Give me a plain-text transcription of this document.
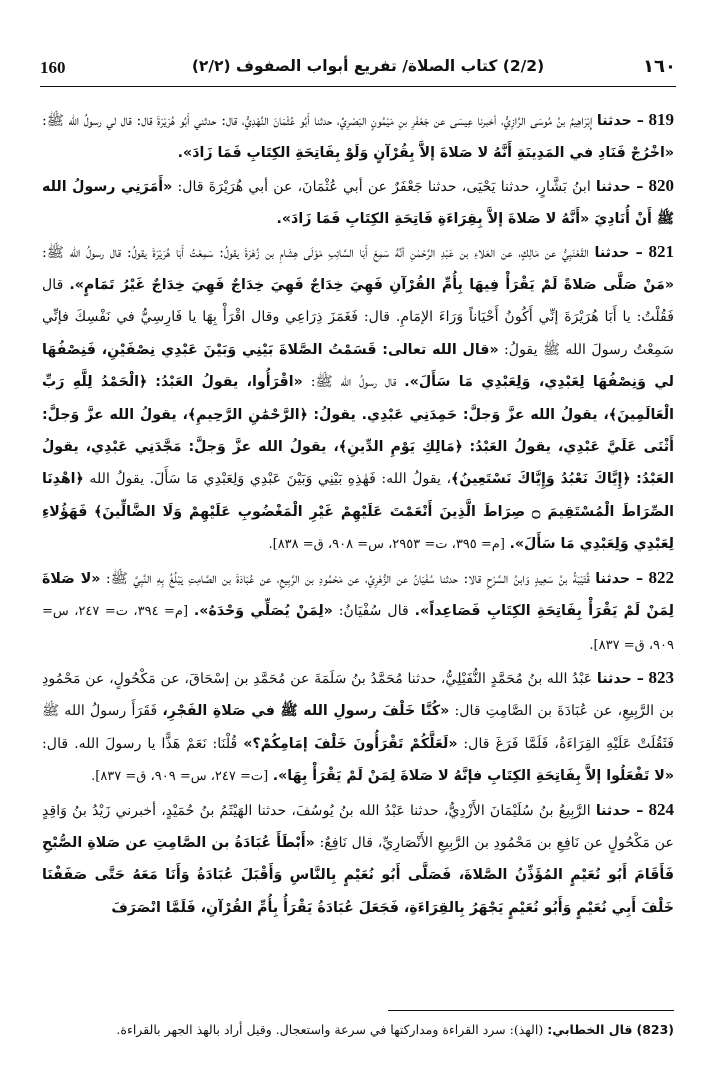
160	(2/2) كتاب الصلاة/ تفريع أبواب الصفوف (٢/٢)	١٦٠

819 – حدثنا إِبْرَاهِيمُ بنُ مُوسَى الرَّازِيُّ، أخبرنا عِيسَى عن جَعْفَرِ بنِ مَيْمُونٍ البَصْرِيِّ، حدثنا أَبُو عُثْمَانَ النَّهْدِيُّ، قال: حدثني أَبُو هُرَيْرَةَ قال: قال لي رسولُ الله ﷺ: «اخْرُجْ فَنَادِ في المَدِينَةِ أَنَّهُ لا صَلاةَ إلاَّ بِقُرْآنٍ وَلَوْ بِفَاتِحَةِ الكِتَابِ فَمَا زَادَ».

820 – حدثنا ابنُ بَشَّارٍ، حدثنا يَحْيَى، حدثنا جَعْفَرٌ عن أبي عُثْمَانَ، عن أبي هُرَيْرَةَ قال: «أَمَرَنِي رسولُ الله ﷺ أَنْ أُنَادِيَ «أَنَّهُ لا صَلاةَ إلاَّ بِقِرَاءَةِ فَاتِحَةِ الكِتَابِ فَمَا زَادَ».

821 – حدثنا القَعْنَبِيُّ عن مَالِكٍ، عن العَلاءِ بن عَبْدِ الرَّحْمٰنِ أنَّهُ سَمِعَ أَبَا السَّائِبِ مَوْلَى هِشَامِ بن زُهْرَةَ يقولُ: سَمِعْتُ أَبَا هُرَيْرَةَ يقولُ: قال رسولُ الله ﷺ: «مَنْ صَلَّى صَلاةً لَمْ يَقْرَأْ فِيهَا بِأُمِّ القُرْآنِ فَهِيَ خِدَاجٌ فَهِيَ خِدَاجٌ فَهِيَ خِدَاجٌ غَيْرُ تَمَامٍ». قال فَقُلْتُ: يا أَبَا هُرَيْرَةَ إنِّي أَكُونُ أَحْيَاناً وَرَاءَ الإمَامِ. قال: فَغَمَزَ ذِرَاعِي وقال اقْرَأْ بِهَا يا فَارِسِيُّ في نَفْسِكَ فإنِّي سَمِعْتُ رسولَ الله ﷺ يقولُ: «قال الله تعالى: قَسَمْتُ الصَّلاةَ بَيْنِي وَبَيْنَ عَبْدِي نِصْفَيْنِ، فَنِصْفُهَا لي وَنِصْفُهَا لِعَبْدِي، وَلِعَبْدِي مَا سَأَلَ». قال رسولُ الله ﷺ: «اقْرَأُوا، يقولُ العَبْدُ: ﴿الْحَمْدُ لِلَّهِ رَبِّ الْعَالَمِينَ﴾، يقولُ الله عزَّ وَجلَّ: حَمِدَنِي عَبْدِي. يقولُ: ﴿الرَّحْمَٰنِ الرَّحِيمِ﴾، يقولُ الله عزَّ وَجلَّ: أَثْنَى عَلَيَّ عَبْدِي، يقولُ العَبْدُ: ﴿مَالِكِ يَوْمِ الدِّينِ﴾، يقولُ الله عزَّ وَجلَّ: مَجَّدَنِي عَبْدِي، يقولُ العَبْدُ: ﴿إِيَّاكَ نَعْبُدُ وَإِيَّاكَ نَسْتَعِينُ﴾، يقولُ الله: فَهٰذِهِ بَيْنِي وَبَيْنَ عَبْدِي وَلِعَبْدِي مَا سَأَلَ. يقولُ الله ﴿اهْدِنَا الصِّرَاطَ الْمُسْتَقِيمَ ۝ صِرَاطَ الَّذِينَ أَنْعَمْتَ عَلَيْهِمْ غَيْرِ الْمَغْضُوبِ عَلَيْهِمْ وَلَا الضَّالِّينَ﴾ فَهَؤُلاءِ لِعَبْدِي وَلِعَبْدِي مَا سَأَلَ». [م= ٣٩٥، ت= ٢٩٥٣، س= ٩٠٨، ق= ٨٣٨].

822 – حدثنا قُتَيْبَةُ بنُ سَعِيدٍ وَابنُ السَّرْحِ قالا: حدثنا سُفْيَانُ عن الزُّهْرِيِّ، عن مَحْمُودِ بن الرَّبِيعِ، عن عُبَادَةَ بن الصَّامِتِ يَبْلُغُ بِهِ النَّبِيَّ ﷺ: «لا صَلاةَ لِمَنْ لَمْ يَقْرَأْ بِفَاتِحَةِ الكِتَابِ فَصَاعِداً». قال سُفْيَانُ: «لِمَنْ يُصَلِّي وَحْدَهُ». [م= ٣٩٤، ت= ٢٤٧، س= ٩٠٩، ق= ٨٣٧].

823 – حدثنا عَبْدُ الله بنُ مُحَمَّدٍ النُّفَيْلِيُّ، حدثنا مُحَمَّدُ بنُ سَلَمَةَ عن مُحَمَّدِ بن إسْحَاقَ، عن مَكْحُولٍ، عن مَحْمُودِ بن الرَّبِيعِ، عن عُبَادَةَ بن الصَّامِتِ قال: «كُنَّا خَلْفَ رسولِ الله ﷺ في صَلاةِ الفَجْرِ، فَقَرَأَ رسولُ الله ﷺ فَثَقُلَتْ عَلَيْهِ القِرَاءَةُ، فَلَمَّا فَرَغَ قال: «لَعَلَّكُمْ تَقْرَأُونَ خَلْفَ إمَامِكُمْ؟» قُلْنَا: نَعَمْ هَذًّا يا رسولَ الله. قال: «لا تَفْعَلُوا إلاَّ بِفَاتِحَةِ الكِتَابِ فإنَّهُ لا صَلاةَ لِمَنْ لَمْ يَقْرَأْ بِهَا». [ت= ٢٤٧، س= ٩٠٩، ق= ٨٣٧].

824 – حدثنا الرَّبِيعُ بنُ سُلَيْمَانَ الأَزْدِيُّ، حدثنا عَبْدُ الله بنُ يُوسُفَ، حدثنا الهَيْثَمُ بنُ حُمَيْدٍ، أخبرني زَيْدُ بنُ وَاقِدٍ عن مَكْحُولٍ عن نَافِعِ بن مَحْمُودِ بن الرَّبِيعِ الأَنْصَارِيِّ، قال نَافِعٌ: «أَبْطَأَ عُبَادَةُ بن الصَّامِتِ عن صَلاةِ الصُّبْحِ فَأَقَامَ أَبُو نُعَيْمٍ المُؤَذِّنُ الصَّلاةَ، فَصَلَّى أَبُو نُعَيْمٍ بِالنَّاسِ وَأَقْبَلَ عُبَادَةُ وَأَنَا مَعَهُ حَتَّى صَفَفْنَا خَلْفَ أَبِي نُعَيْمٍ وَأَبُو نُعَيْمٍ يَجْهَرُ بِالقِرَاءَةِ، فَجَعَلَ عُبَادَةُ يَقْرَأُ بِأُمِّ القُرْآنِ، فَلَمَّا انْصَرَفَ

(823) قال الخطابي: (الهذ): سرد القراءة ومداركتها في سرعة واستعجال. وقيل أراد بالهذ الجهر بالقراءة.
